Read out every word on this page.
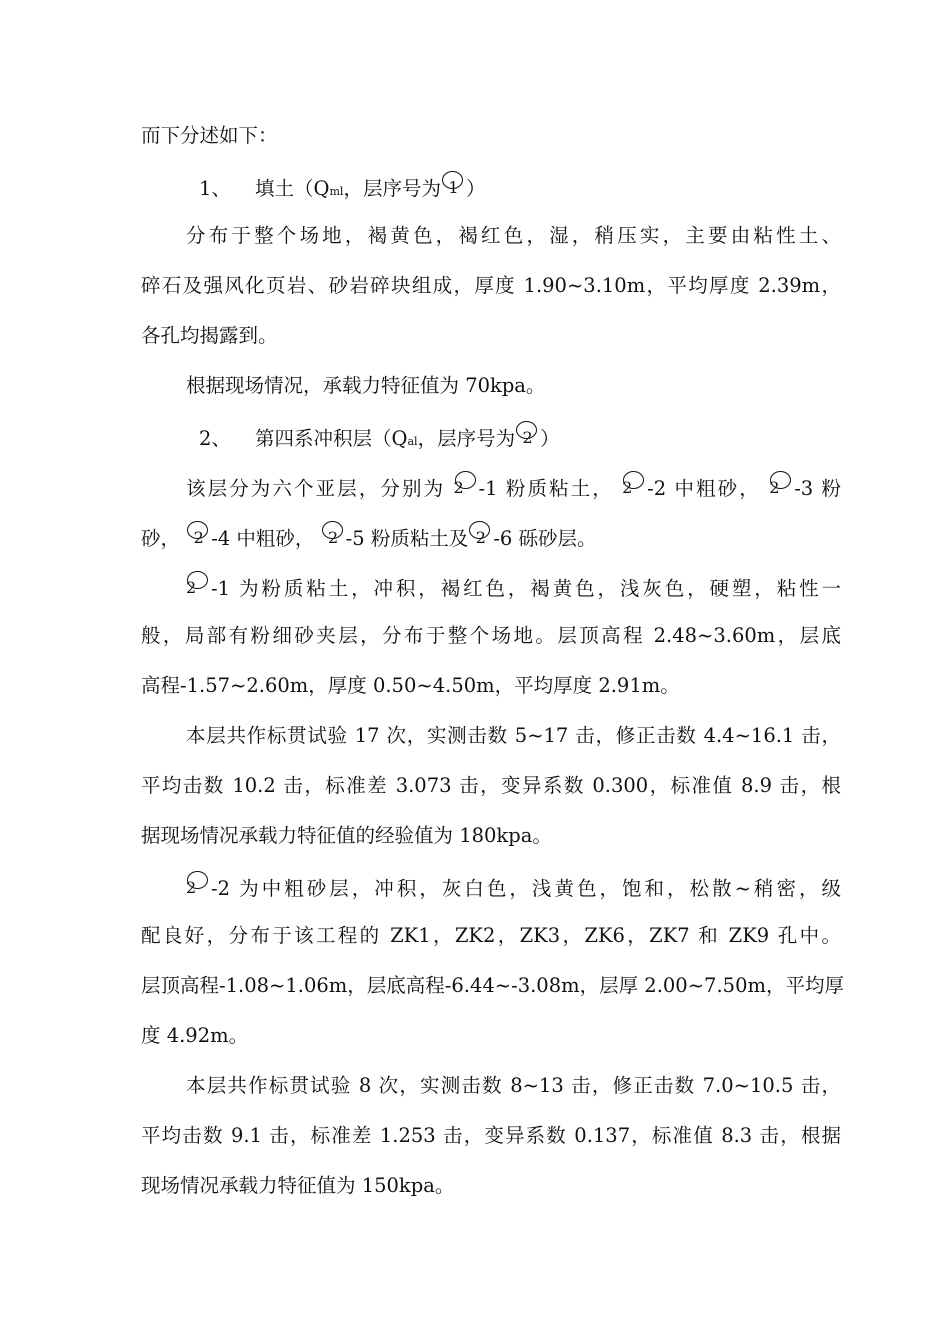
而下分述如下：
1、 填土（Qml，层序号为 1 ）
分布于整个场地，褐黄色，褐红色，湿，稍压实，主要由粘性土、
碎石及强风化页岩、砂岩碎块组成，厚度 1.90~3.10m，平均厚度 2.39m，
各孔均揭露到。
根据现场情况，承载力特征值为 70kpa。
2、 第四系冲积层（Qal，层序号为 2 ）
该层分为六个亚层，分别为 2 -1 粉质粘土， 2 -2 中粗砂， 2 -3 粉
砂， 2 -4 中粗砂， 2 -5 粉质粘土及 2 -6 砾砂层。
2 -1 为粉质粘土，冲积，褐红色，褐黄色，浅灰色，硬塑，粘性一
般，局部有粉细砂夹层，分布于整个场地。层顶高程 2.48~3.60m，层底
高程-1.57~2.60m，厚度 0.50~4.50m，平均厚度 2.91m。
本层共作标贯试验 17 次，实测击数 5~17 击，修正击数 4.4~16.1 击，
平均击数 10.2 击，标准差 3.073 击，变异系数 0.300，标准值 8.9 击，根
据现场情况承载力特征值的经验值为 180kpa。
2 -2 为中粗砂层，冲积，灰白色，浅黄色，饱和，松散~稍密，级
配良好，分布于该工程的 ZK1，ZK2，ZK3，ZK6，ZK7 和 ZK9 孔中。
层顶高程-1.08~1.06m，层底高程-6.44~-3.08m，层厚 2.00~7.50m，平均厚
度 4.92m。
本层共作标贯试验 8 次，实测击数 8~13 击，修正击数 7.0~10.5 击，
平均击数 9.1 击，标准差 1.253 击，变异系数 0.137，标准值 8.3 击，根据
现场情况承载力特征值为 150kpa。
